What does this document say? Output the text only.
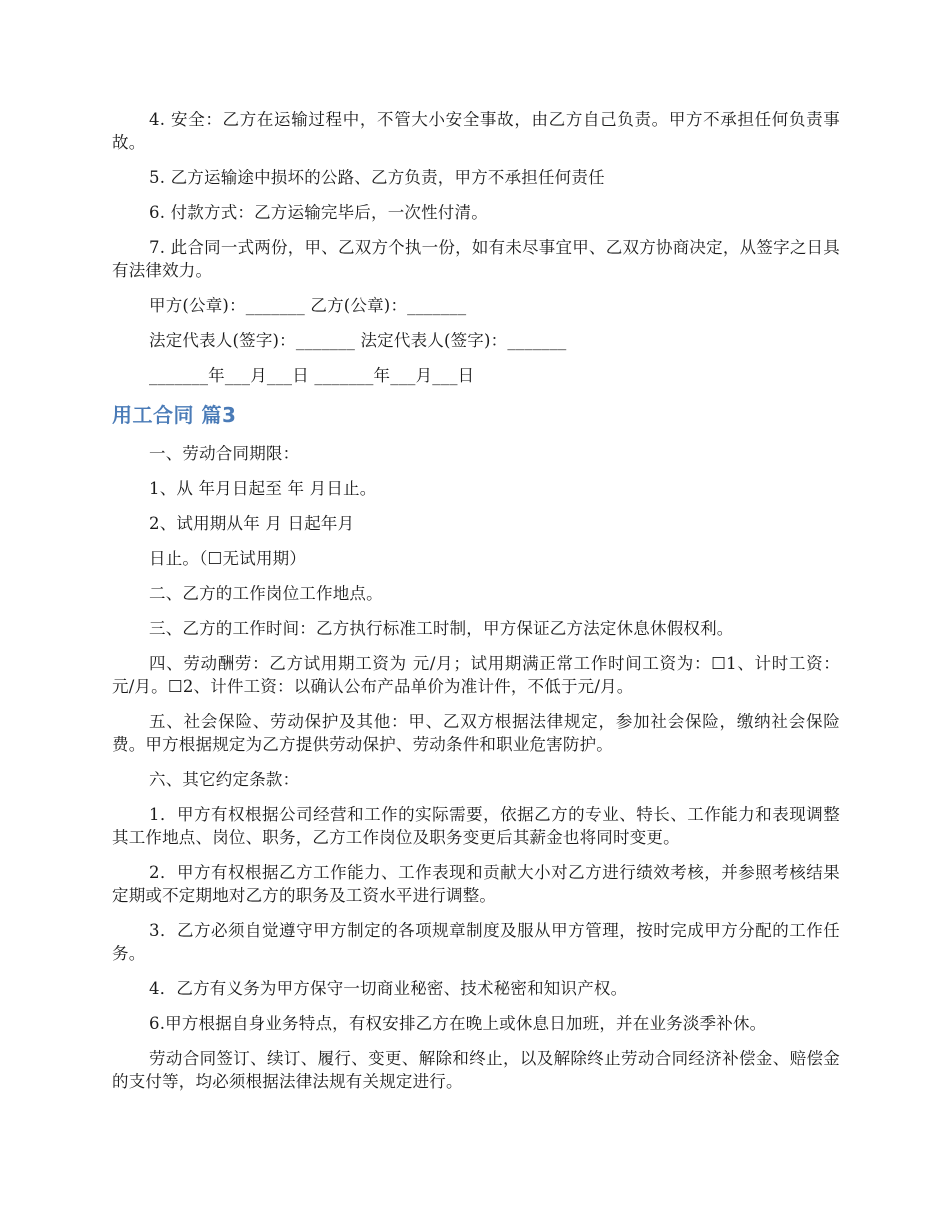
4. 安全：乙方在运输过程中，不管大小安全事故，由乙方自己负责。甲方不承担任何负责事故。

5. 乙方运输途中损坏的公路、乙方负责，甲方不承担任何责任

6. 付款方式：乙方运输完毕后，一次性付清。

7. 此合同一式两份，甲、乙双方个执一份，如有未尽事宜甲、乙双方协商决定，从签字之日具有法律效力。

甲方(公章)：_______ 乙方(公章)：_______

法定代表人(签字)：_______ 法定代表人(签字)：_______

_______年___月___日 _______年___月___日

用工合同 篇3

一、劳动合同期限：

1、从 年月日起至 年 月日止。

2、试用期从年 月 日起年月

日止。（☐无试用期）

二、乙方的工作岗位工作地点。

三、乙方的工作时间：乙方执行标准工时制，甲方保证乙方法定休息休假权利。

四、劳动酬劳：乙方试用期工资为 元/月；试用期满正常工作时间工资为：☐1、计时工资：元/月。☐2、计件工资：以确认公布产品单价为准计件，不低于元/月。

五、社会保险、劳动保护及其他：甲、乙双方根据法律规定，参加社会保险，缴纳社会保险费。甲方根据规定为乙方提供劳动保护、劳动条件和职业危害防护。

六、其它约定条款：

1．甲方有权根据公司经营和工作的实际需要，依据乙方的专业、特长、工作能力和表现调整其工作地点、岗位、职务，乙方工作岗位及职务变更后其薪金也将同时变更。

2．甲方有权根据乙方工作能力、工作表现和贡献大小对乙方进行绩效考核，并参照考核结果定期或不定期地对乙方的职务及工资水平进行调整。

3．乙方必须自觉遵守甲方制定的各项规章制度及服从甲方管理，按时完成甲方分配的工作任务。

4．乙方有义务为甲方保守一切商业秘密、技术秘密和知识产权。

6.甲方根据自身业务特点，有权安排乙方在晚上或休息日加班，并在业务淡季补休。

劳动合同签订、续订、履行、变更、解除和终止，以及解除终止劳动合同经济补偿金、赔偿金的支付等，均必须根据法律法规有关规定进行。
